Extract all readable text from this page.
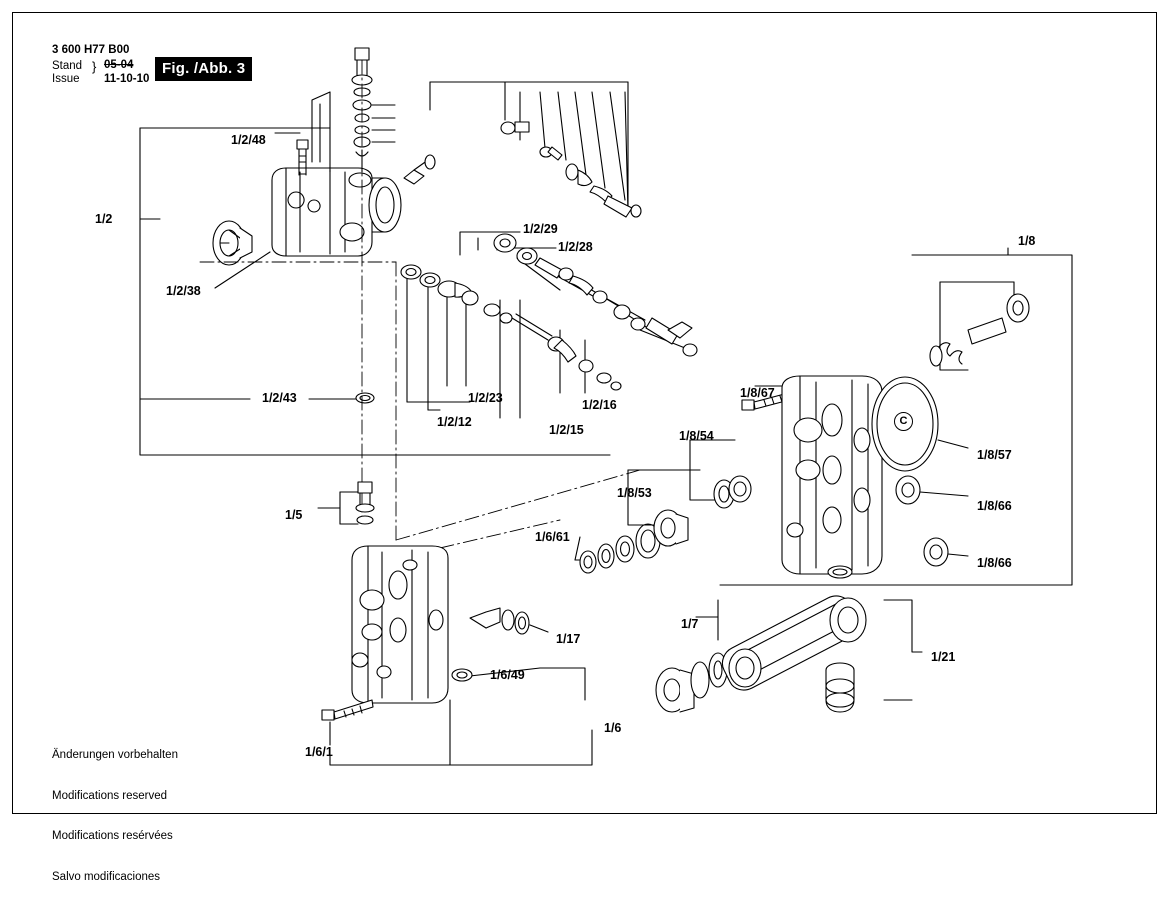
3 600 H77 B00
Stand
Issue
} 05-04
11-10-10
Fig. /Abb. 3
C
1/2/48
1/2
1/2/38
1/2/43
1/2/12
1/2/23
1/2/15
1/2/16
1/2/29
1/2/28
1/5
1/6/61
1/17
1/6/49
1/6/1
1/6
1/7
1/21
1/8
1/8/67
1/8/54
1/8/53
1/8/57
1/8/66
1/8/66

Änderungen vorbehalten

Modifications reserved

Modifications resérvées

Salvo modificaciones
